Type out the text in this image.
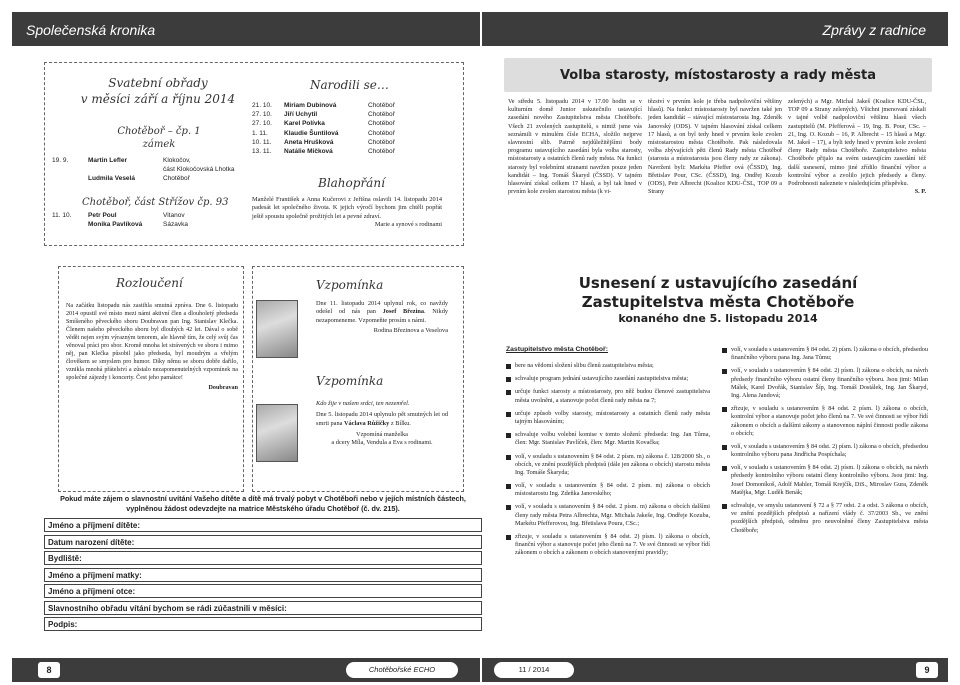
Společenská kronika	Zprávy z radnice
Svatební obřady
v měsíci září a říjnu 2014
Chotěboř – čp. 1
zámek
19. 9.	Martin Lefler	Klokočov,
část Klokočovská Lhotka
Ludmila Veselá	Chotěboř
Chotěboř, část Střížov čp. 93
11. 10.	Petr Poul	Vitanov
Monika Pavlíková	Sázavka
Narodili se…
21. 10.	Miriam Dubinová	Chotěboř
27. 10.	Jiří Uchytil	Chotěboř
27. 10.	Karel Polívka	Chotěboř
1. 11.	Klaudie Šuntilová	Chotěboř
10. 11.	Aneta Hrušková	Chotěboř
13. 11.	Natálie Mičková	Chotěboř
Blahopřání
Manželé František a Anna Kučerovi z Jeřišna oslavili 14. listopadu 2014 padesát let společného života. K jejich výročí bychom jim chtěli popřát ještě spoustu společně prožitých let a pevné zdraví.
Marie a synové s rodinami
Rozloučení
Na začátku listopadu nás zastihla smutná zpráva. Dne 6. listopadu 2014 opustil své místo mezi námi aktivní člen a dlouholetý předseda Smíšeného pěveckého sboru Doubravan pan Ing. Stanislav Klečka. Členem našeho pěveckého sboru byl dlouhých 42 let. Dával o sobě vědět nejen svým výrazným tenorem, ale hlavně tím, že celý svůj čas věnoval práci pro sbor. Kromě mnoha let strávených ve sboru i mimo něj, pan Klečka působil jako předseda, byl moudrým a vřelým člověkem se smyslem pro humor. Díky němu se sboru dobře dařilo, vznikla mnohá přátelství a zůstalo nezapomenutelných vzpomínek na společné zájezdy i koncerty. Čest jeho památce!
Doubravan
Vzpomínka
Dne 11. listopadu 2014 uplynul rok, co navždy odešel od nás pan Josef Březina. Nikdy nezapomeneme. Vzpomeňte prosím s námi.
Rodina Březinova a Veselova
Vzpomínka
Kdo žije v našem srdci, ten nezemřel.
Dne 5. listopadu 2014 uplynulo pět smutných let od smrti pana Václava Růžičky z Bílku.
Vzpomíná manželka
a dcery Míla, Vendula a Eva s rodinami.
Pokud máte zájem o slavnostní uvítání Vašeho dítěte a dítě má trvalý pobyt v Chotěboři nebo v jejích místních částech, vyplněnou žádost odevzdejte na matrice Městského úřadu Chotěboř (č. dv. 215).
Jméno a příjmení dítěte:
Datum narození dítěte:
Bydliště:
Jméno a příjmení matky:
Jméno a příjmení otce:
Slavnostního obřadu vítání bychom se rádi zúčastnili v měsíci:
Podpis:
Volba starosty, místostarosty a rady města
Ve středu 5. listopadu 2014 v 17.00 hodin se v kulturním domě Junior uskutečnilo ustavující zasedání nového Zastupitelstva města Chotěboře. Všech 21 zvolených zastupitelů, s nimiž jsme vás seznámili v minulém čísle ECHA, složilo nejprve slavnostní slib. Patrně nejdůležitějšími body programu ustavujícího zasedání byla volba starosty, místostarosty a ostatních členů rady města. Na funkci starosty byl volebními stranami navržen pouze jeden kandidát – Ing. Tomáš Škaryd (ČSSD). V tajném hlasování získal celkem 17 hlasů, a byl tak hned v prvním kole zvolen starostou města (k vi-
tězství v prvním kole je třeba nadpoloviční většiny hlasů). Na funkci místostarosty byl navržen také jen jeden kandidát – stávající místostarosta Ing. Zdeněk Janovský (ODS). V tajném hlasování získal celkem 17 hlasů, a on byl tedy hned v prvním kole zvolen místostarostou města Chotěboře. Pak následovala volba zbývajících pěti členů Rady města Chotěboř (starosta a místostarosta jsou členy rady ze zákona). Navrženi byli: Markéta Pfeffer ová (ČSSD), Ing. Břetislav Pour, CSc. (ČSSD), Ing. Ondřej Kozub (ODS), Petr Albrecht (Koalice KDU-ČSL, TOP 09 a Strany
zelených) a Mgr. Michal Jakeš (Koalice KDU-ČSL, TOP 09 a Strany zelených). Všichni jmenovaní získali v tajné volbě nadpoloviční většinu hlasů všech zastupitelů (M. Pfefferová – 19, Ing. B. Pour, CSc. – 21, Ing. O. Kozub – 16, P. Albrecht – 15 hlasů a Mgr. M. Jakeš – 17), a byli tedy hned v prvním kole zvoleni členy Rady města Chotěboře. Zastupitelstvo města Chotěboře přijalo na svém ustavujícím zasedání též další usnesení, mimo jiné zřídilo finanční výbor a kontrolní výbor a zvolilo jejich předsedy a členy. Podrobnosti naleznete v následujícím příspěvku.
S. P.
Usnesení z ustavujícího zasedání
Zastupitelstva města Chotěboře
konaného dne 5. listopadu 2014
Zastupitelstvo města Chotěboř:
bere na vědomí složení slibu členů zastupitelstva města;
schvaluje program jednání ustavujícího zasedání zastupitelstva města;
určuje funkci starosty a místostarosty, pro něž budou členové zastupitelstva města uvolněni, a stanovuje počet členů rady města na 7;
určuje způsob volby starosty, místostarosty a ostatních členů rady města tajným hlasováním;
schvaluje volbu volební komise v tomto složení: předseda: Ing. Jan Tůma, člen: Mgr. Stanislav Pavlíček, člen: Mgr. Martin Kovačka;
volí, v souladu s ustanovením § 84 odst. 2 písm. m) zákona č. 128/2000 Sb., o obcích, ve znění pozdějších předpisů (dále jen zákona o obcích) starostu města Ing. Tomáše Škaryda;
volí, v souladu s ustanovením § 84 odst. 2 písm. m) zákona o obcích místostarostu Ing. Zdeňka Janovského;
volí, v souladu s ustanovením § 84 odst. 2 písm. m) zákona o obcích dalšími členy rady města Petra Albrechta, Mgr. Michala Jakeše, Ing. Ondřeje Kozuba, Markétu Pfefferovou, Ing. Břetislava Poura, CSc.;
zřizuje, v souladu s ustanovením § 84 odst. 2) písm. l) zákona o obcích, finanční výbor a stanovuje počet jeho členů na 7. Ve své činnosti se výbor řídí zákonem o obcích a zákonem o obcích stanovenými pravidly;
volí, v souladu s ustanovením § 84 odst. 2) písm. l) zákona o obcích, předsedou finančního výboru pana Ing. Jana Tůmu;
volí, v souladu s ustanovením § 84 odst. 2) písm. l) zákona o obcích, na návrh předsedy finančního výboru ostatní členy finančního výboru. Jsou jimi: Milan Málek, Karel Dvořák, Stanislav Šíp, Ing. Tomáš Dostálek, Ing. Jan Škaryd, Ing. Alena Jandová;
zřizuje, v souladu s ustanovením § 84 odst. 2 písm. l) zákona o obcích, kontrolní výbor a stanovuje počet jeho členů na 7. Ve své činnosti se výbor řídí zákonem o obcích a dalšími zákony a stanovenou náplní činnosti podle zákona o obcích;
volí, v souladu s ustanovením § 84 odst. 2) písm. l) zákona o obcích, předsedou kontrolního výboru pana Jindřicha Pospíchala;
volí, v souladu s ustanovením § 84 odst. 2) písm. l) zákona o obcích, na návrh předsedy kontrolního výboru ostatní členy kontrolního výboru. Jsou jimi: Ing. Josef Domoníkoš, Adolf Mahler, Tomáš Krejčík, DiS., Miroslav Gura, Zdeněk Matějka, Mgr. Luděk Benák;
schvaluje, ve smyslu ustanovení § 72 a § 77 odst. 2 a odst. 3 zákona o obcích, ve znění pozdějších předpisů a nařízení vlády č. 37/2003 Sb., ve znění pozdějších předpisů, odměnu pro neuvolněné členy Zastupitelstva města Chotěboře;
8	9
Chotěbořské ECHO	11 / 2014
